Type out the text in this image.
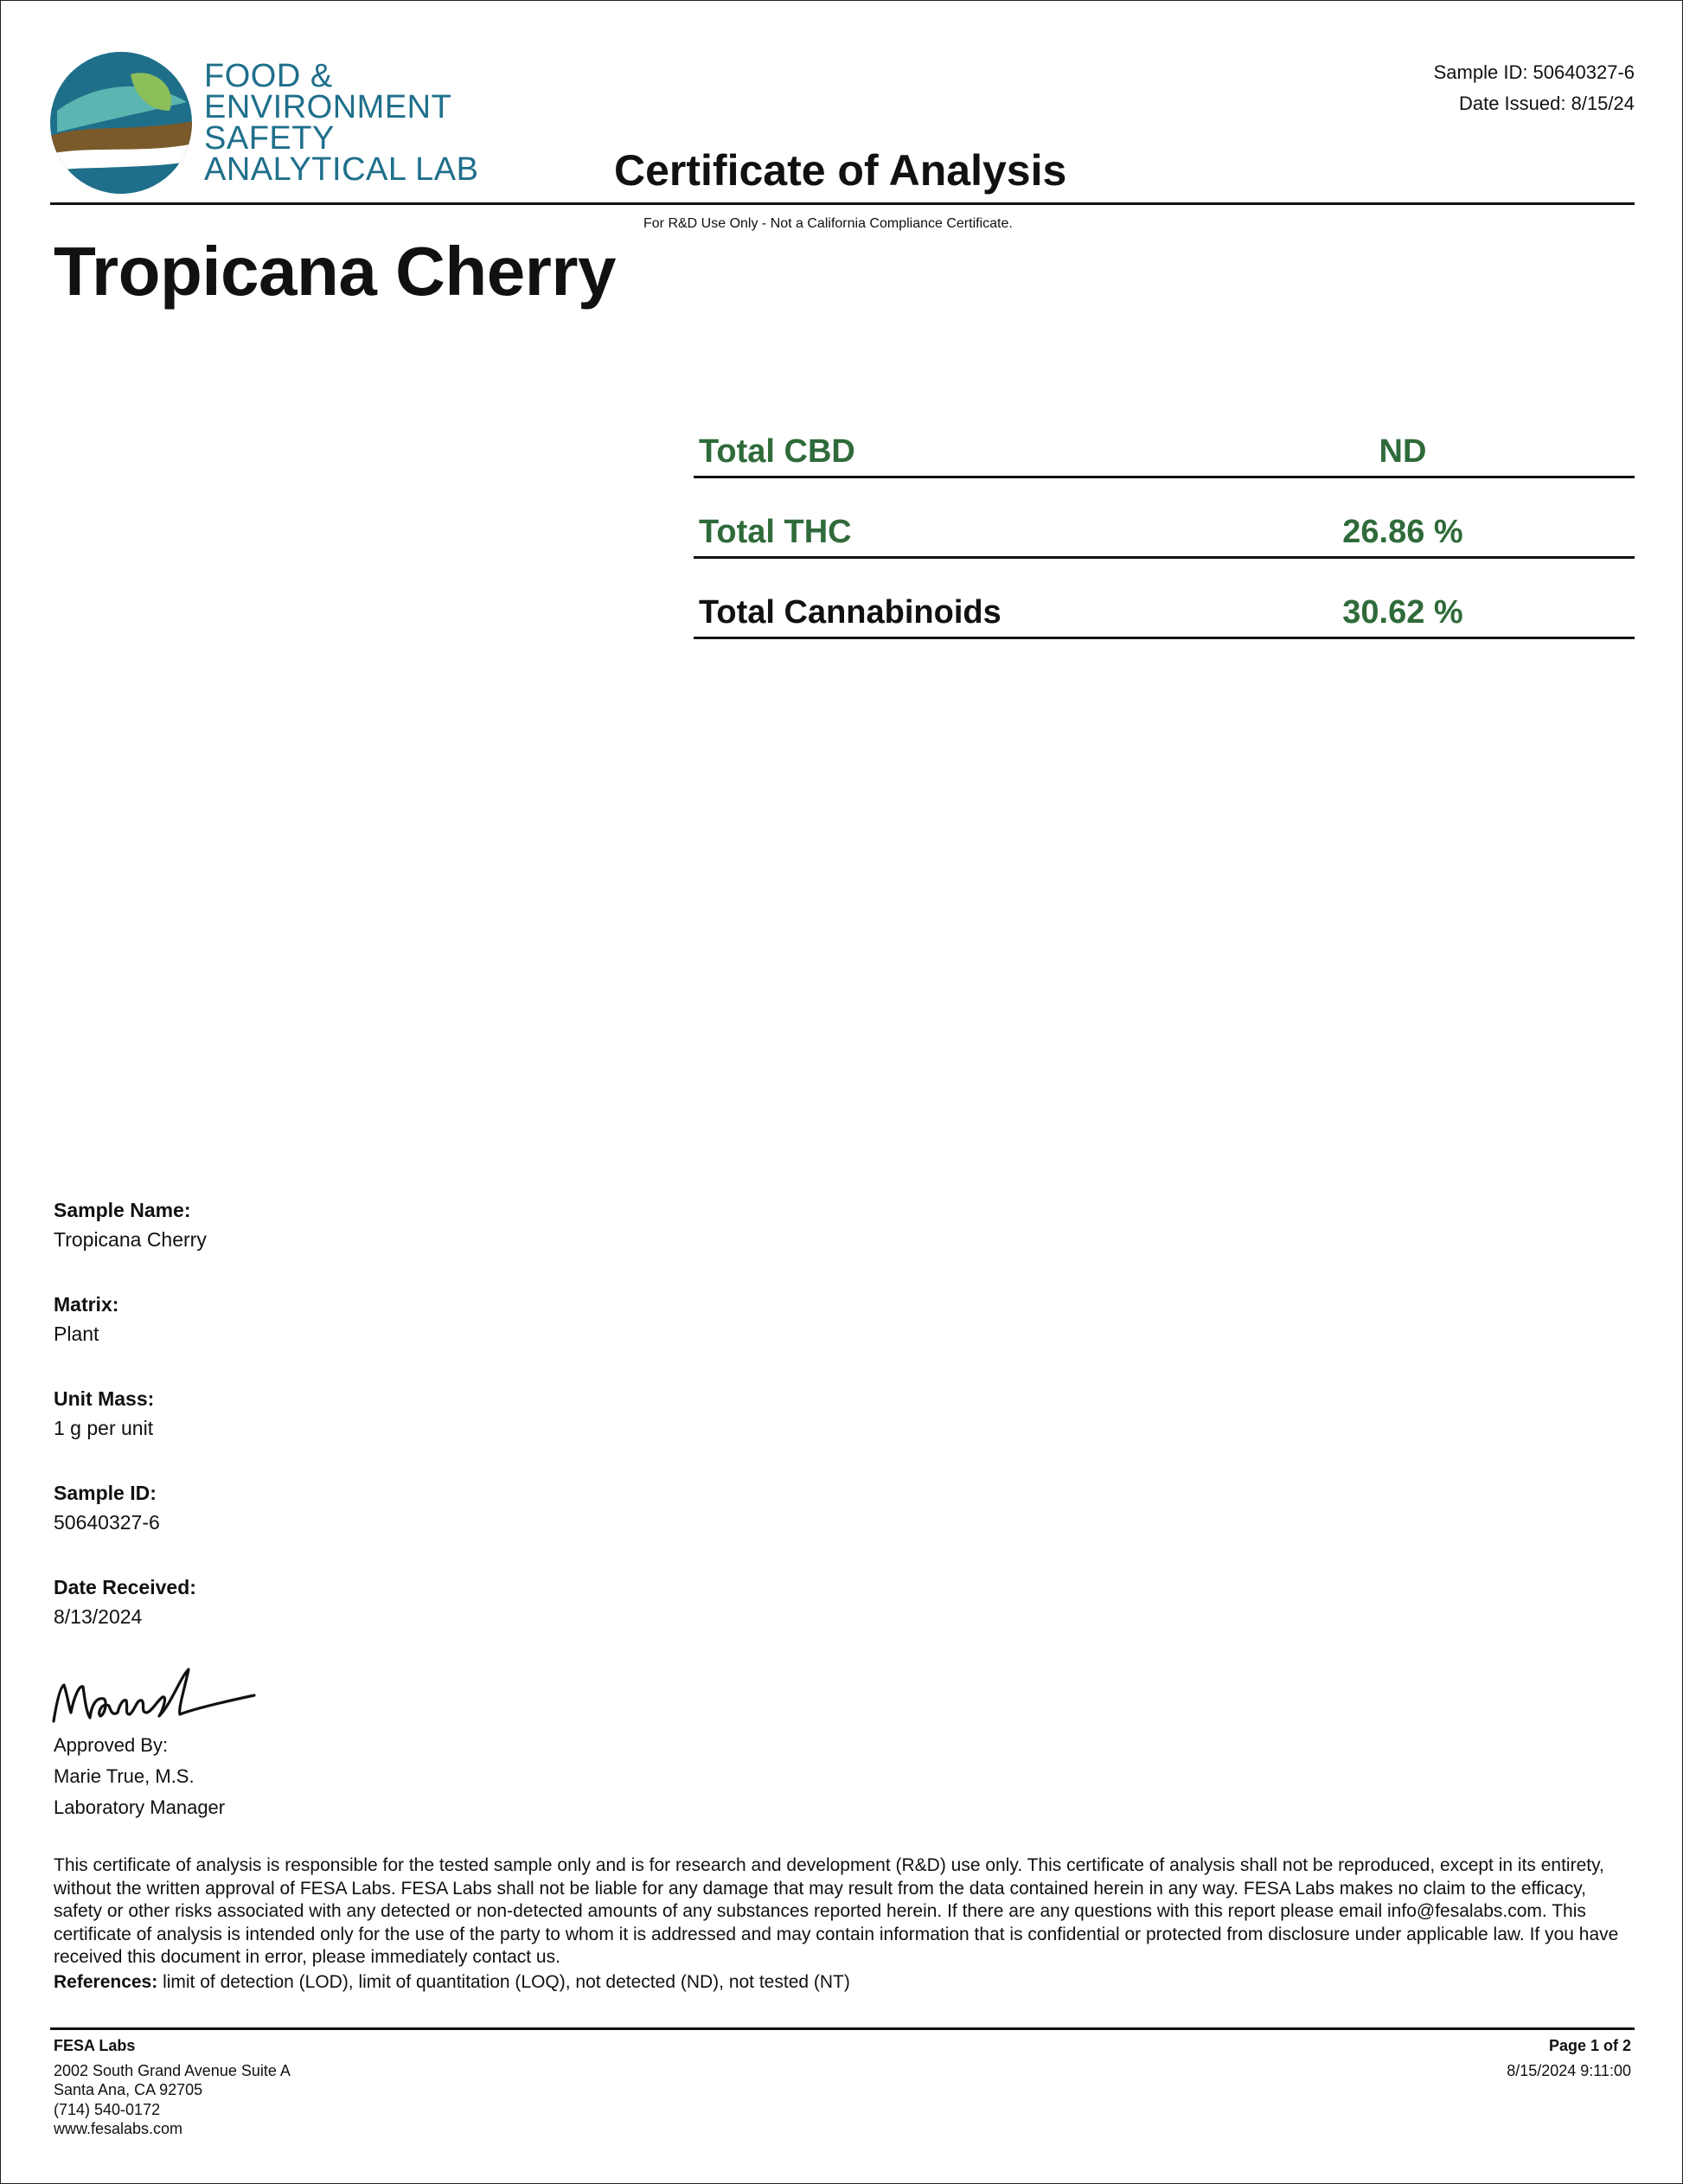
FOOD &
ENVIRONMENT
SAFETY
ANALYTICAL LAB
Sample ID: 50640327-6
Date Issued: 8/15/24
Certificate of Analysis
For R&D Use Only - Not a California Compliance Certificate.
Tropicana Cherry
Total CBD	ND
Total THC	26.86 %
Total Cannabinoids	30.62 %
Sample Name:
Tropicana Cherry
Matrix:
Plant
Unit Mass:
1 g per unit
Sample ID:
50640327-6
Date Received:
8/13/2024
Approved By:
Marie True, M.S.
Laboratory Manager
This certificate of analysis is responsible for the tested sample only and is for research and development (R&D) use only. This certificate of analysis shall not be reproduced, except in its entirety, without the written approval of FESA Labs. FESA Labs shall not be liable for any damage that may result from the data contained herein in any way. FESA Labs makes no claim to the efficacy, safety or other risks associated with any detected or non-detected amounts of any substances reported herein. If there are any questions with this report please email info@fesalabs.com. This certificate of analysis is intended only for the use of the party to whom it is addressed and may contain information that is confidential or protected from disclosure under applicable law. If you have received this document in error, please immediately contact us.
References: limit of detection (LOD), limit of quantitation (LOQ), not detected (ND), not tested (NT)
FESA Labs
2002 South Grand Avenue Suite A
Santa Ana, CA 92705
(714) 540-0172
www.fesalabs.com
Page 1 of 2
8/15/2024 9:11:00
